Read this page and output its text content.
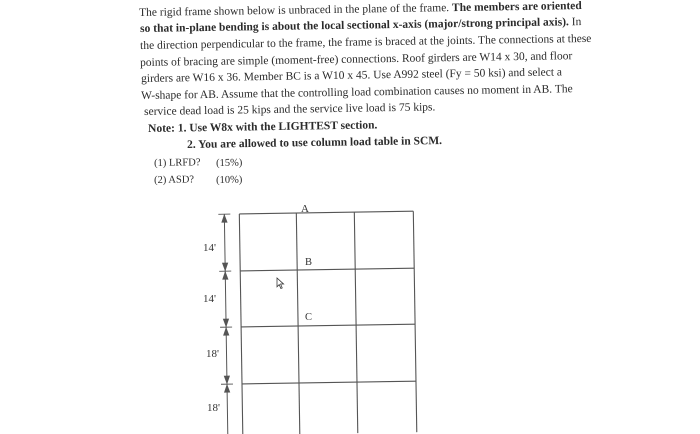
The rigid frame shown below is unbraced in the plane of the frame. The members are oriented
so that in-plane bending is about the local sectional x-axis (major/strong principal axis). In
the direction perpendicular to the frame, the frame is braced at the joints. The connections at these
points of bracing are simple (moment-free) connections. Roof girders are W14 x 30, and floor
girders are W16 x 36. Member BC is a W10 x 45. Use A992 steel (Fy = 50 ksi) and select a
W-shape for AB. Assume that the controlling load combination causes no moment in AB. The
service dead load is 25 kips and the service live load is 75 kips.
Note: 1. Use W8x with the LIGHTEST section.
2. You are allowed to use column load table in SCM.
(1) LRFD? (15%)
(2) ASD? (10%)
14'
14'
18'
18'
A
B
C
